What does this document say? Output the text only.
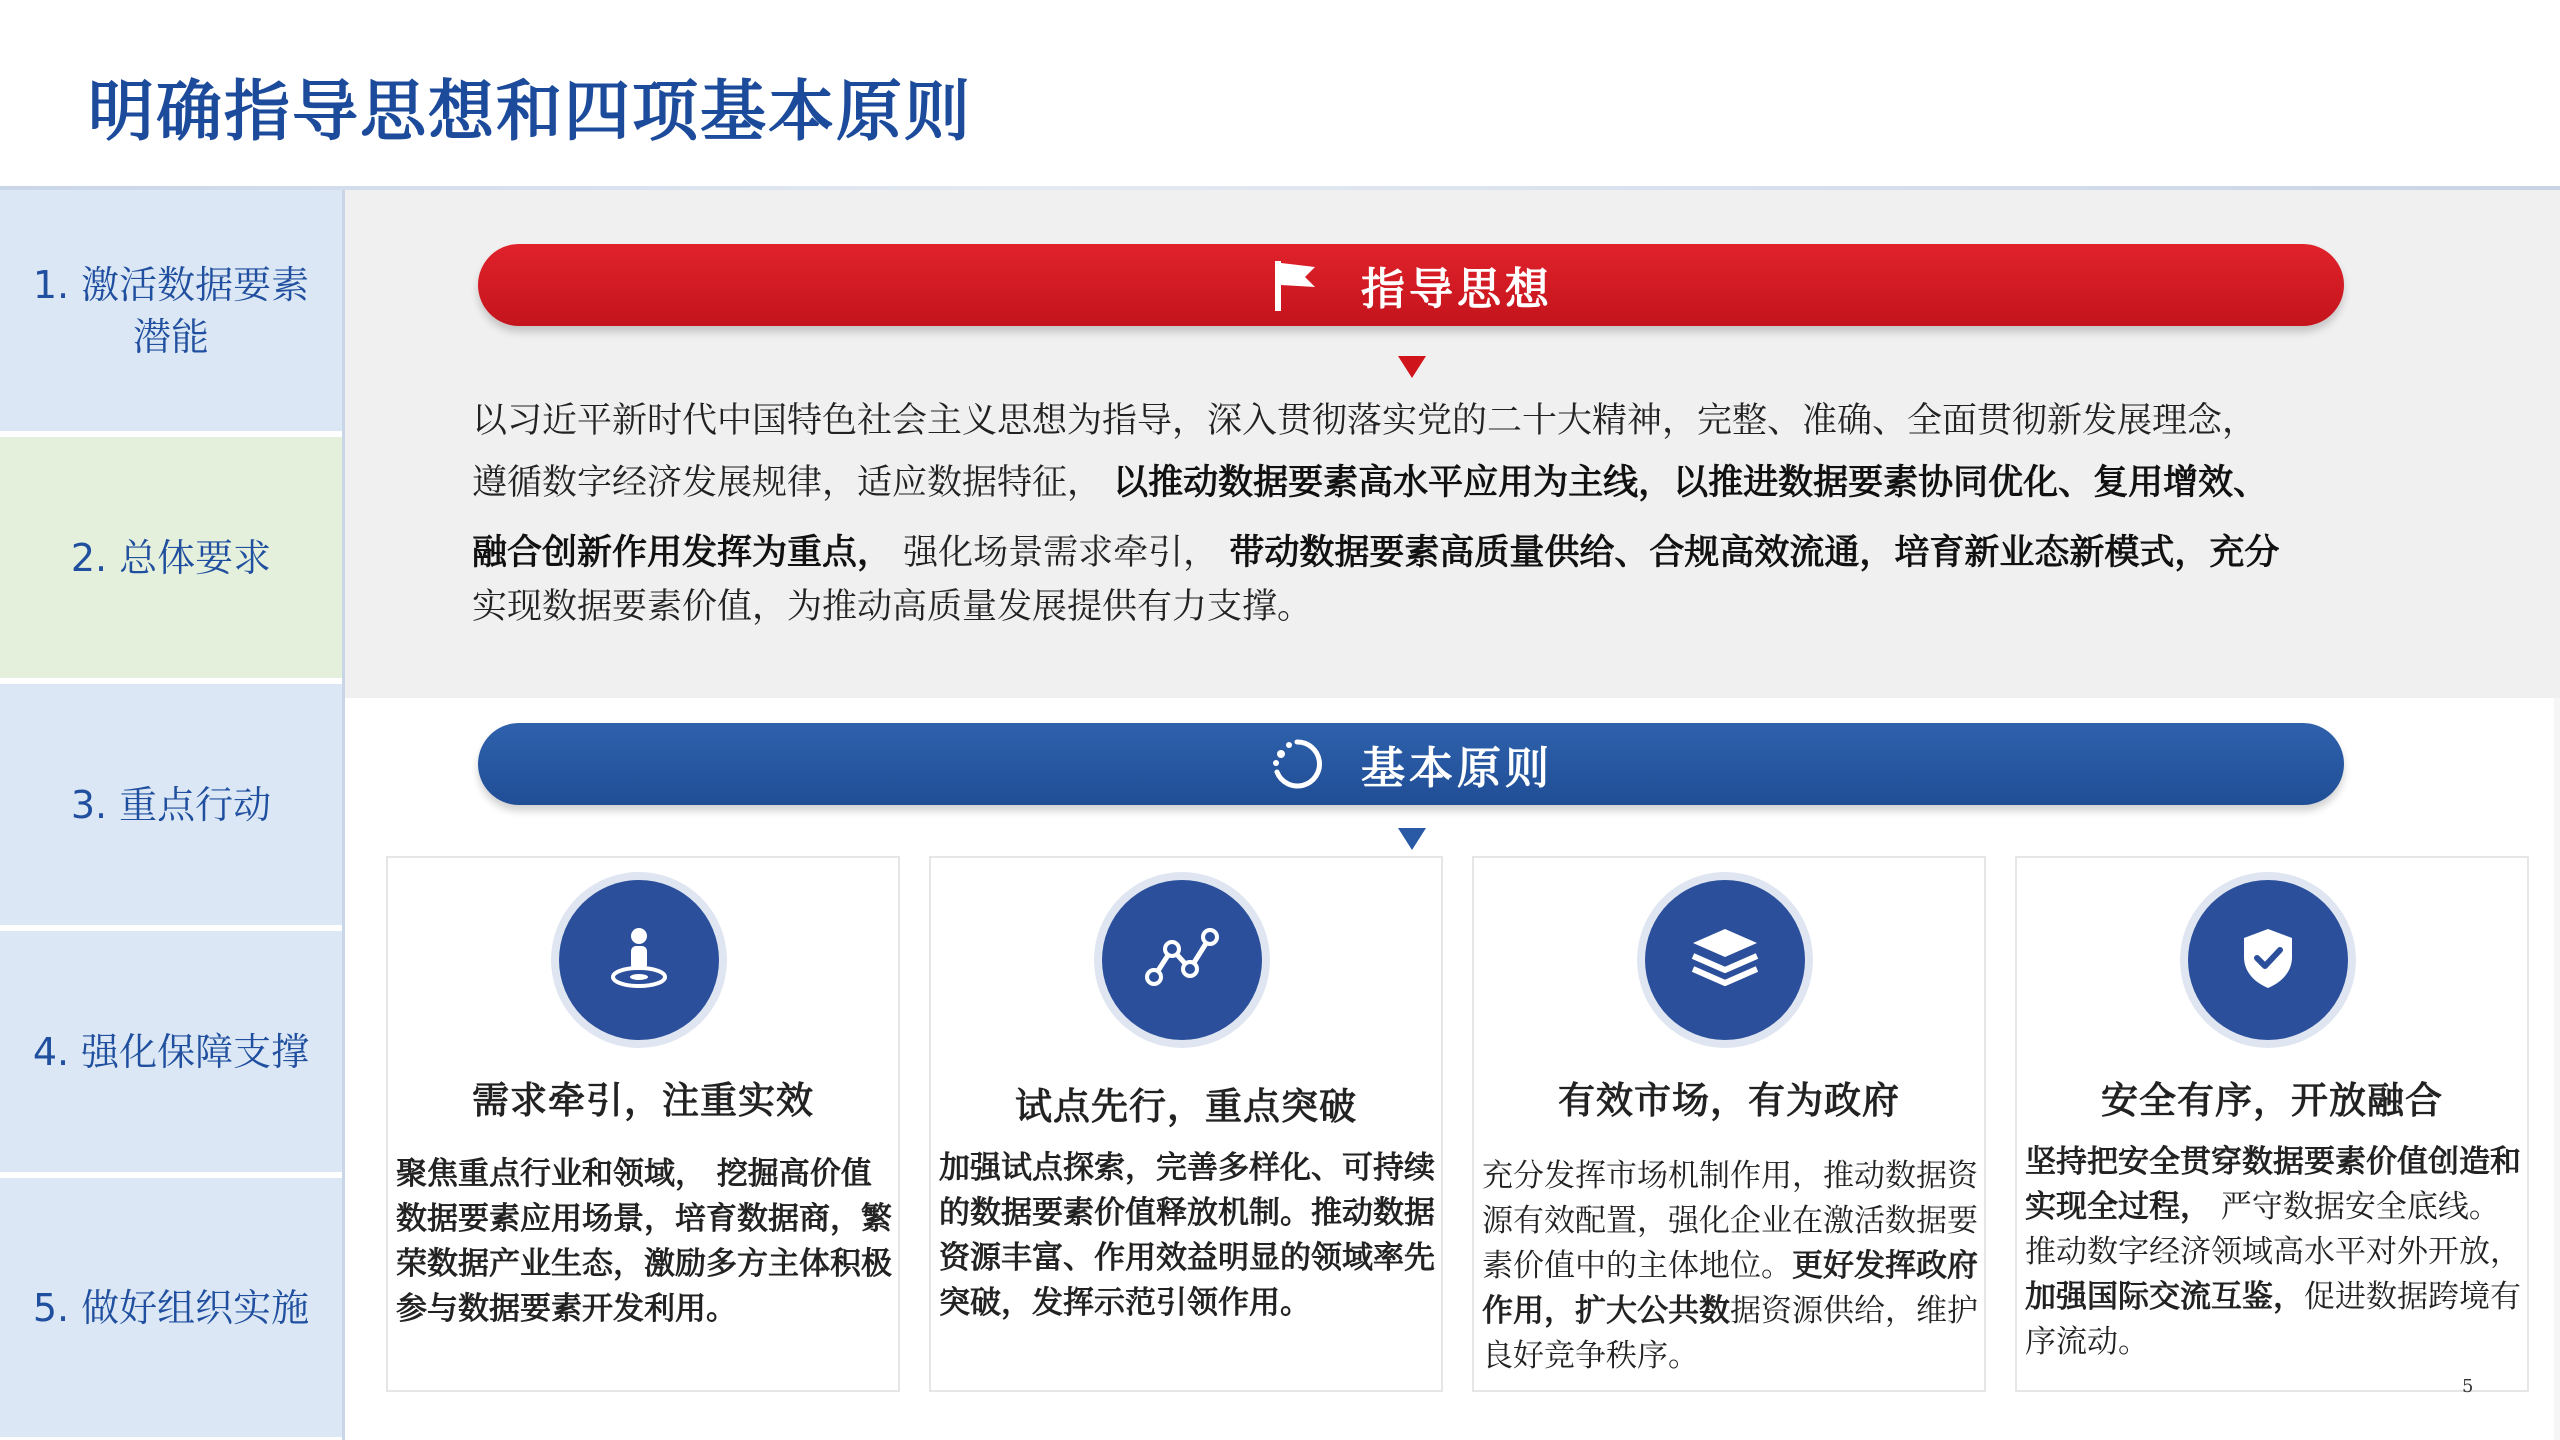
明确指导思想和四项基本原则
1. 激活数据要素
潜能
2. 总体要求
3. 重点行动
4. 强化保障支撑
5. 做好组织实施
指导思想

以习近平新时代中国特色社会主义思想为指导，深入贯彻落实党的二十大精神，完整、准确、全面贯彻新发展理念，

遵循数字经济发展规律，适应数据特征， 以推动数据要素高水平应用为主线，以推进数据要素协同优化、复用增效、

融合创新作用发挥为重点， 强化场景需求牵引， 带动数据要素高质量供给、合规高效流通，培育新业态新模式，充分

实现数据要素价值，为推动高质量发展提供有力支撑。

基本原则
需求牵引，注重实效
聚焦重点行业和领域， 挖掘高价值数据要素应用场景，培育数据商，繁荣数据产业生态，激励多方主体积极参与数据要素开发利用。
试点先行，重点突破
加强试点探索，完善多样化、可持续的数据要素价值释放机制。推动数据资源丰富、作用效益明显的领域率先突破，发挥示范引领作用。
有效市场，有为政府
充分发挥市场机制作用，推动数据资源有效配置，强化企业在激活数据要素价值中的主体地位。更好发挥政府作用，扩大公共数据资源供给，维护良好竞争秩序。
安全有序，开放融合
坚持把安全贯穿数据要素价值创造和实现全过程， 严守数据安全底线。推动数字经济领域高水平对外开放， 加强国际交流互鉴，促进数据跨境有序流动。
5
